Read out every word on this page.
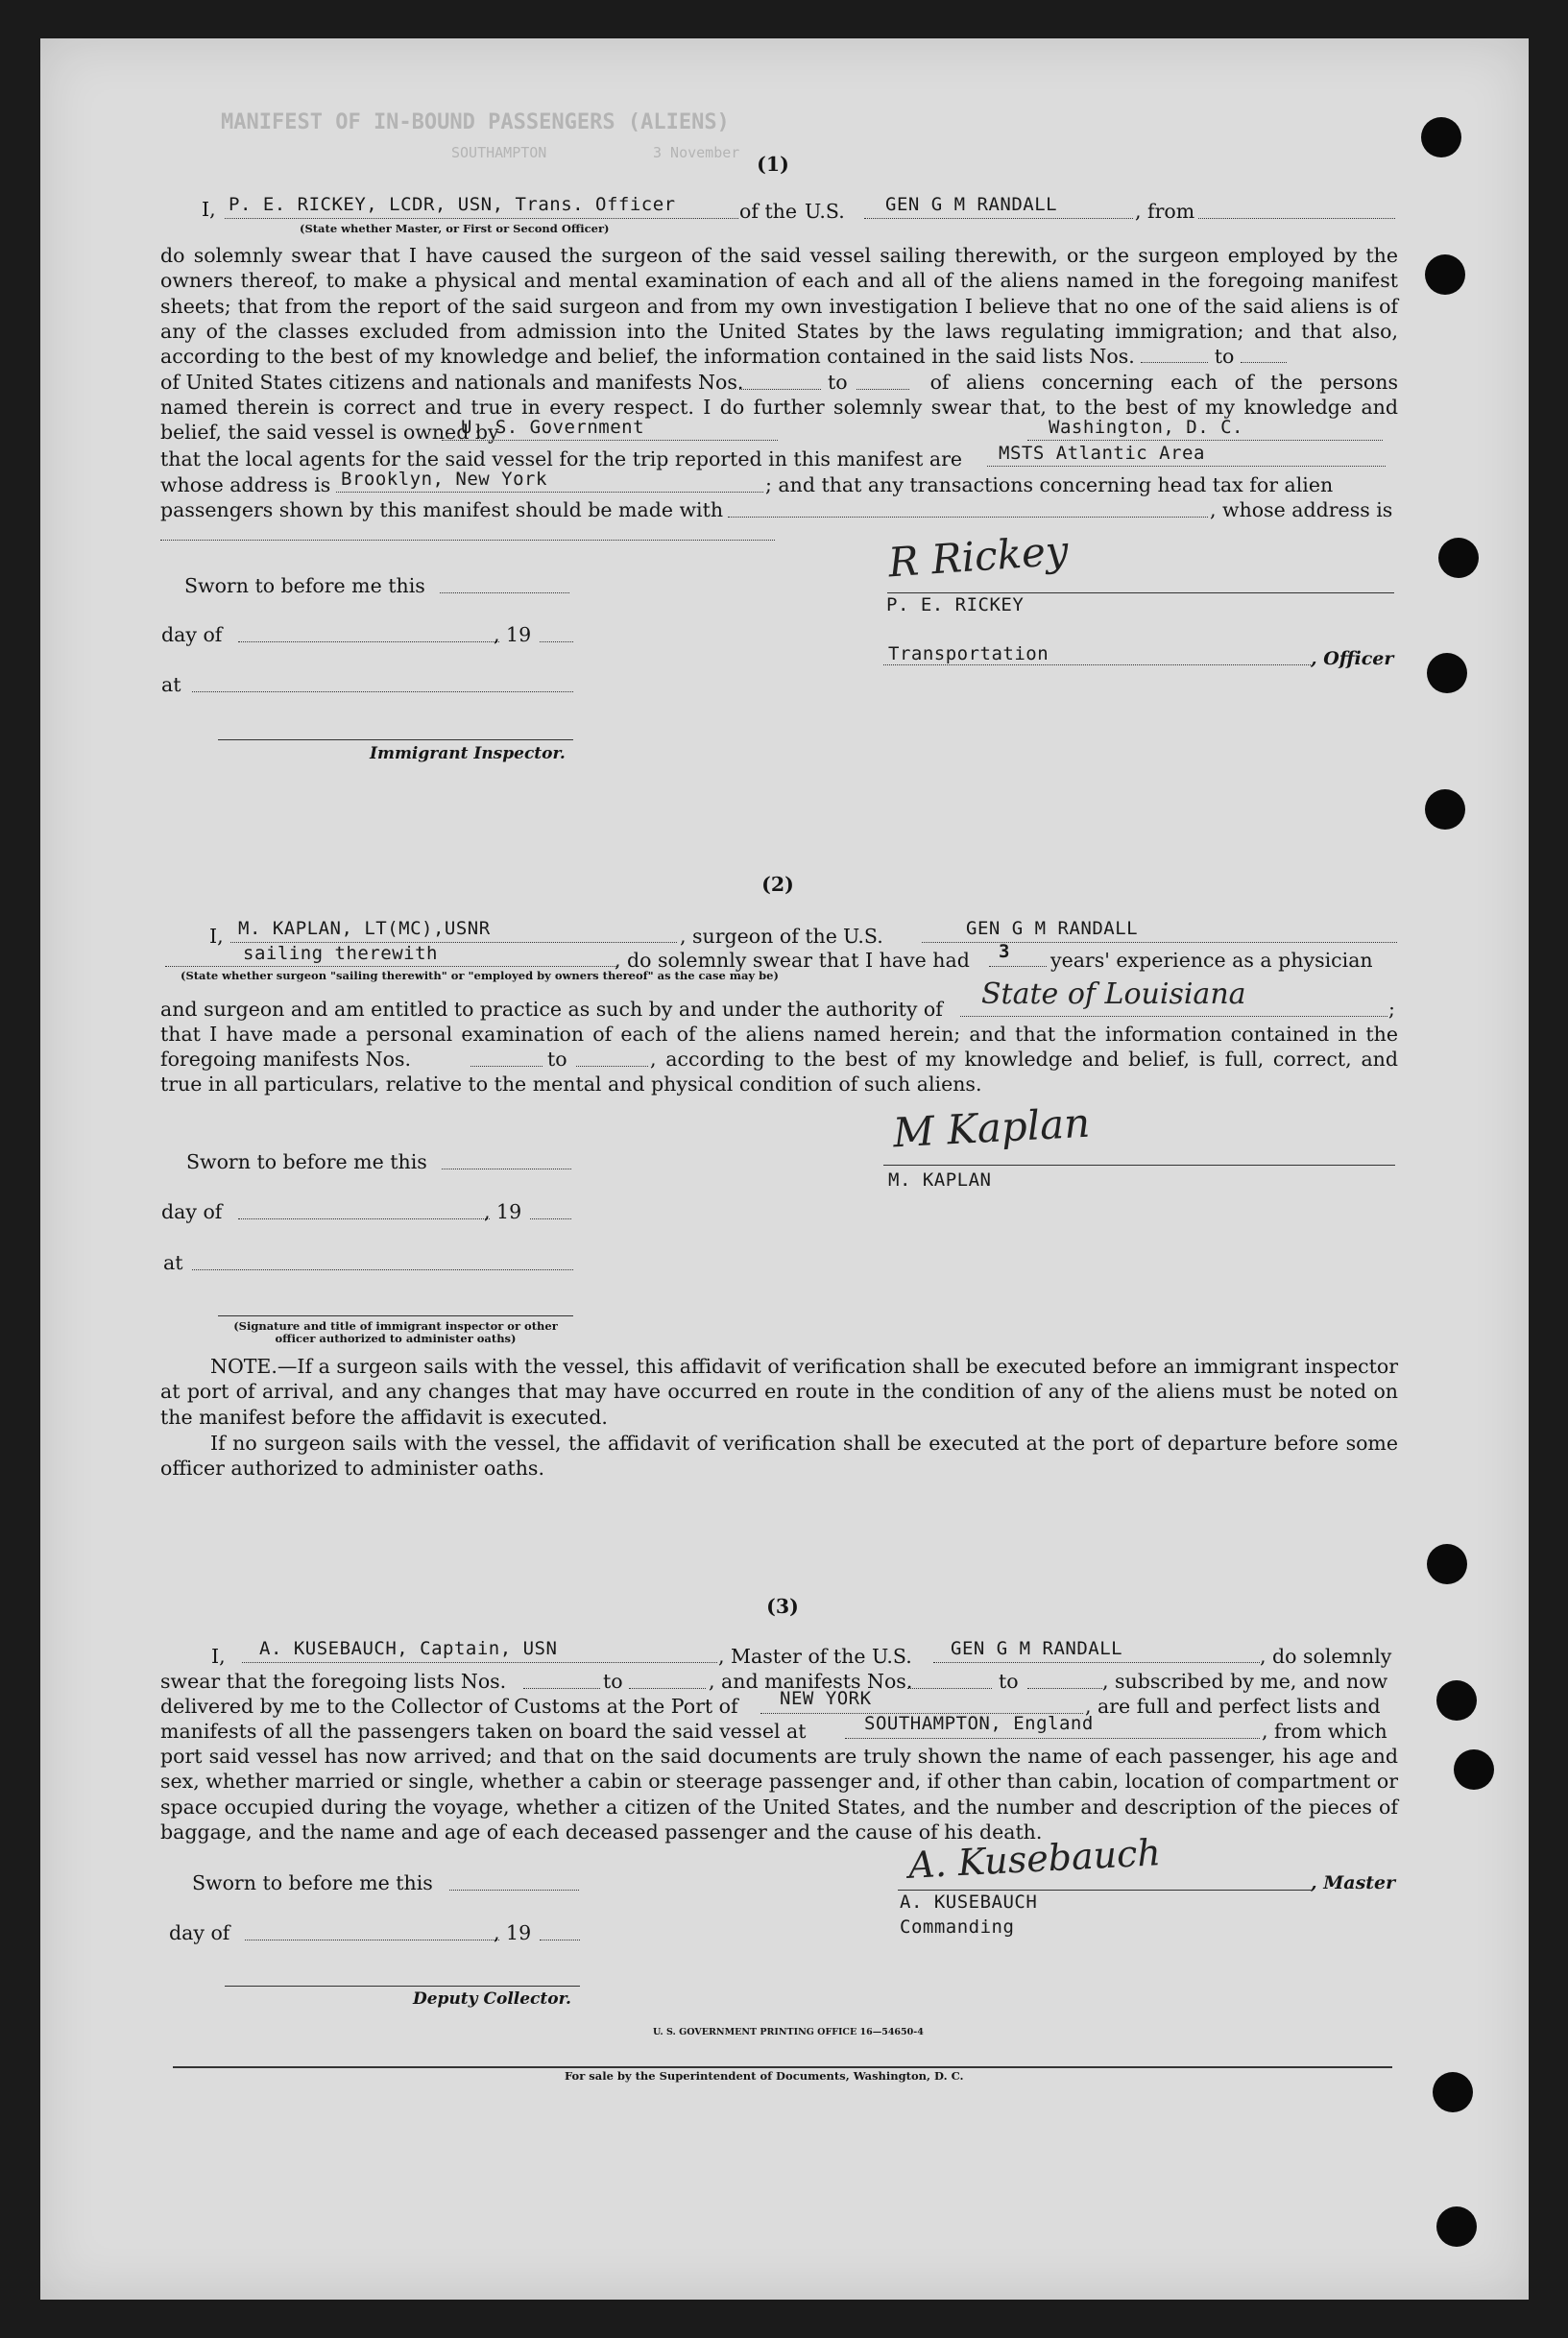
MANIFEST OF IN-BOUND PASSENGERS (ALIENS)
SOUTHAMPTON	3 November (1)
I, P. E. RICKEY, LCDR, USN, Trans. Officer	of the U.S. GEN G M RANDALL	, from
(State whether Master, or First or Second Officer)
do solemnly swear that I have caused the surgeon of the said vessel sailing therewith, or the surgeon employed by the owners thereof, to make a physical and mental examination of each and all of the aliens named in the foregoing manifest sheets; that from the report of the said surgeon and from my own investigation I believe that no one of the said aliens is of any of the classes excluded from admission into the United States by the laws regulating immigration; and that also, according to the best of my knowledge and belief, the information contained in the said lists Nos.	to
of United States citizens and nationals and manifests Nos.	to	of aliens concerning each of the persons named therein is correct and true in every respect. I do further solemnly swear that, to the best of my knowledge and belief, the said vessel is owned by
U. S. Government	Washington, D. C.
that the local agents for the said vessel for the trip reported in this manifest are MSTS Atlantic Area
whose address is Brooklyn, New York	; and that any transactions concerning head tax for alien
passengers shown by this manifest should be made with	, whose address is
Sworn to before me this
day of	, 19
at
Immigrant Inspector.
R Rickey
P. E. RICKEY
Transportation	, Officer
(2)
I, M. KAPLAN, LT(MC),USNR	, surgeon of the U.S.	GEN G M RANDALL
sailing therewith	, do solemnly swear that I have had 3 years' experience as a physician
(State whether surgeon "sailing therewith" or "employed by owners thereof" as the case may be)
and surgeon and am entitled to practice as such by and under the authority of State of Louisiana	;
that I have made a personal examination of each of the aliens named herein; and that the information contained in the foregoing manifests Nos.	to	, according to the best of my knowledge and belief, is full, correct, and true in all particulars, relative to the mental and physical condition of such aliens.
Sworn to before me this
day of	, 19
at
(Signature and title of immigrant inspector or other officer authorized to administer oaths)
M Kaplan
M. KAPLAN
NOTE.—If a surgeon sails with the vessel, this affidavit of verification shall be executed before an immigrant inspector at port of arrival, and any changes that may have occurred en route in the condition of any of the aliens must be noted on the manifest before the affidavit is executed.
If no surgeon sails with the vessel, the affidavit of verification shall be executed at the port of departure before some officer authorized to administer oaths.
(3)
I, A. KUSEBAUCH, Captain, USN	, Master of the U.S. GEN G M RANDALL	, do solemnly
swear that the foregoing lists Nos.	to	, and manifests Nos.	to	, subscribed by me, and now
delivered by me to the Collector of Customs at the Port of NEW YORK	, are full and perfect lists and
manifests of all the passengers taken on board the said vessel at	SOUTHAMPTON, England	, from which
port said vessel has now arrived; and that on the said documents are truly shown the name of each passenger, his age and sex, whether married or single, whether a cabin or steerage passenger and, if other than cabin, location of compartment or space occupied during the voyage, whether a citizen of the United States, and the number and description of the pieces of baggage, and the name and age of each deceased passenger and the cause of his death.
Sworn to before me this
day of	, 19
Deputy Collector.
A. Kusebauch	, Master
A. KUSEBAUCH
Commanding
U. S. GOVERNMENT PRINTING OFFICE 16—54650-4
For sale by the Superintendent of Documents, Washington, D. C.
